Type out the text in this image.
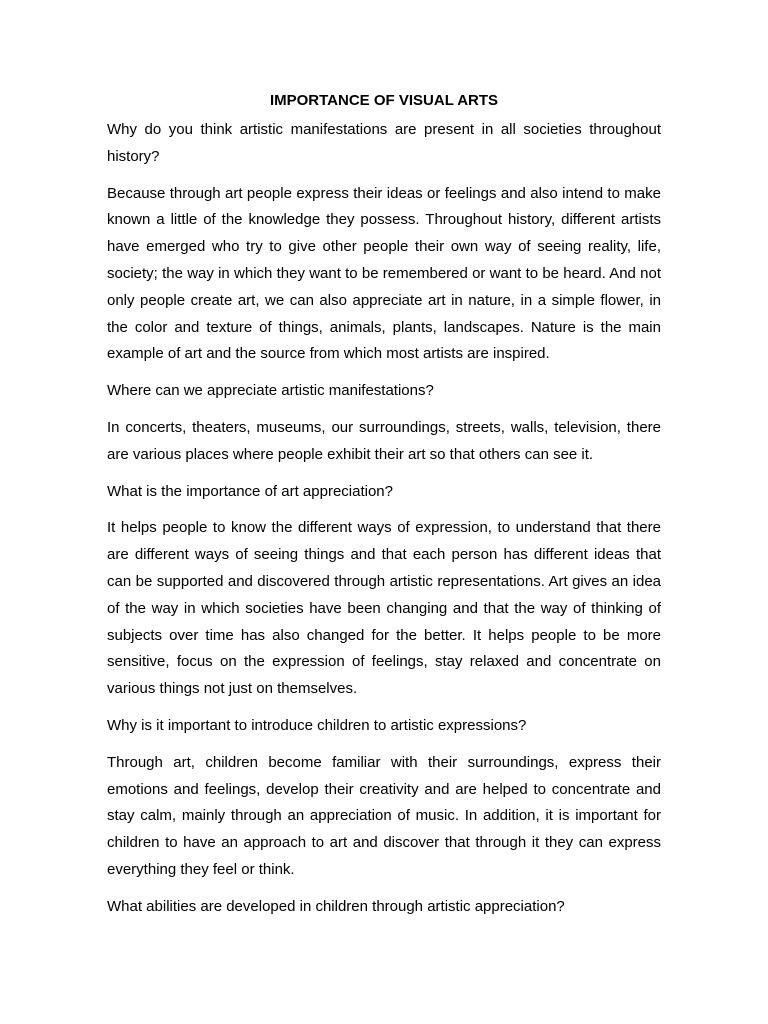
IMPORTANCE OF VISUAL ARTS

Why do you think artistic manifestations are present in all societies throughout history?

Because through art people express their ideas or feelings and also intend to make known a little of the knowledge they possess. Throughout history, different artists have emerged who try to give other people their own way of seeing reality, life, society; the way in which they want to be remembered or want to be heard. And not only people create art, we can also appreciate art in nature, in a simple flower, in the color and texture of things, animals, plants, landscapes. Nature is the main example of art and the source from which most artists are inspired.

Where can we appreciate artistic manifestations?

In concerts, theaters, museums, our surroundings, streets, walls, television, there are various places where people exhibit their art so that others can see it.

What is the importance of art appreciation?

It helps people to know the different ways of expression, to understand that there are different ways of seeing things and that each person has different ideas that can be supported and discovered through artistic representations. Art gives an idea of the way in which societies have been changing and that the way of thinking of subjects over time has also changed for the better. It helps people to be more sensitive, focus on the expression of feelings, stay relaxed and concentrate on various things not just on themselves.

Why is it important to introduce children to artistic expressions?

Through art, children become familiar with their surroundings, express their emotions and feelings, develop their creativity and are helped to concentrate and stay calm, mainly through an appreciation of music. In addition, it is important for children to have an approach to art and discover that through it they can express everything they feel or think.

What abilities are developed in children through artistic appreciation?
